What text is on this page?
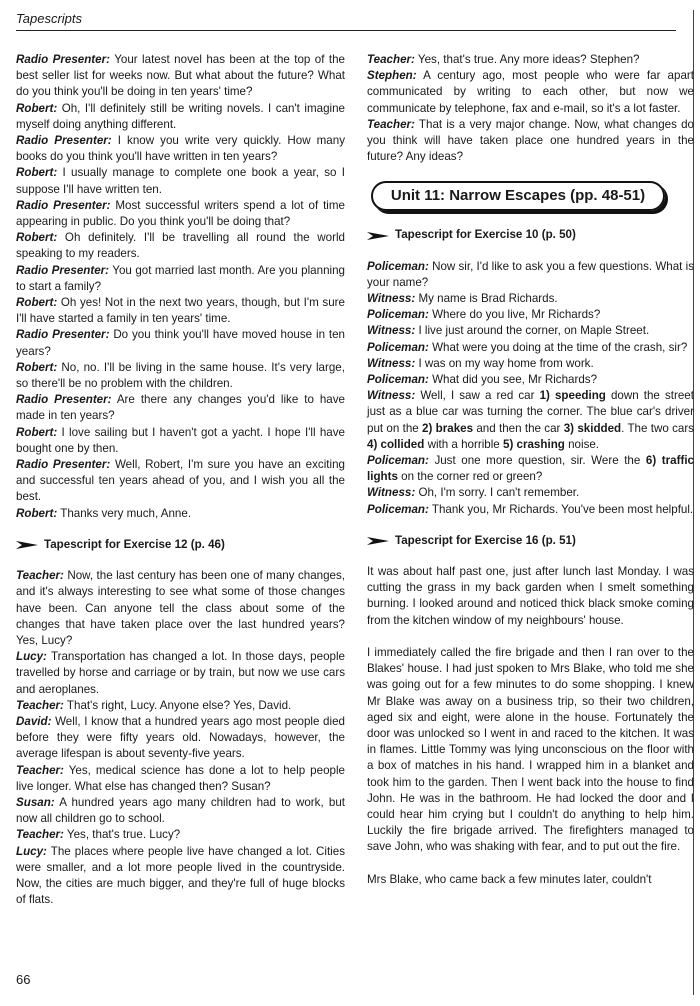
Tapescripts

Radio Presenter: Your latest novel has been at the top of the best seller list for weeks now. But what about the future? What do you think you'll be doing in ten years' time?

Robert: Oh, I'll definitely still be writing novels. I can't imagine myself doing anything different.

Radio Presenter: I know you write very quickly. How many books do you think you'll have written in ten years?

Robert: I usually manage to complete one book a year, so I suppose I'll have written ten.

Radio Presenter: Most successful writers spend a lot of time appearing in public. Do you think you'll be doing that?

Robert: Oh definitely. I'll be travelling all round the world speaking to my readers.

Radio Presenter: You got married last month. Are you planning to start a family?

Robert: Oh yes! Not in the next two years, though, but I'm sure I'll have started a family in ten years' time.

Radio Presenter: Do you think you'll have moved house in ten years?

Robert: No, no. I'll be living in the same house. It's very large, so there'll be no problem with the children.

Radio Presenter: Are there any changes you'd like to have made in ten years?

Robert: I love sailing but I haven't got a yacht. I hope I'll have bought one by then.

Radio Presenter: Well, Robert, I'm sure you have an exciting and successful ten years ahead of you, and I wish you all the best.

Robert: Thanks very much, Anne.

Tapescript for Exercise 12 (p. 46)

Teacher: Now, the last century has been one of many changes, and it's always interesting to see what some of those changes have been. Can anyone tell the class about some of the changes that have taken place over the last hundred years? Yes, Lucy?

Lucy: Transportation has changed a lot. In those days, people travelled by horse and carriage or by train, but now we use cars and aeroplanes.

Teacher: That's right, Lucy. Anyone else? Yes, David.

David: Well, I know that a hundred years ago most people died before they were fifty years old. Nowadays, however, the average lifespan is about seventy-five years.

Teacher: Yes, medical science has done a lot to help people live longer. What else has changed then? Susan?

Susan: A hundred years ago many children had to work, but now all children go to school.

Teacher: Yes, that's true. Lucy?

Lucy: The places where people live have changed a lot. Cities were smaller, and a lot more people lived in the countryside. Now, the cities are much bigger, and they're full of huge blocks of flats.

Teacher: Yes, that's true. Any more ideas? Stephen?

Stephen: A century ago, most people who were far apart communicated by writing to each other, but now we communicate by telephone, fax and e-mail, so it's a lot faster.

Teacher: That is a very major change. Now, what changes do you think will have taken place one hundred years in the future? Any ideas?

Unit 11: Narrow Escapes (pp. 48-51)
Tapescript for Exercise 10 (p. 50)

Policeman: Now sir, I'd like to ask you a few questions. What is your name?

Witness: My name is Brad Richards.

Policeman: Where do you live, Mr Richards?

Witness: I live just around the corner, on Maple Street.

Policeman: What were you doing at the time of the crash, sir?

Witness: I was on my way home from work.

Policeman: What did you see, Mr Richards?

Witness: Well, I saw a red car 1) speeding down the street just as a blue car was turning the corner. The blue car's driver put on the 2) brakes and then the car 3) skidded. The two cars 4) collided with a horrible 5) crashing noise.

Policeman: Just one more question, sir. Were the 6) traffic lights on the corner red or green?

Witness: Oh, I'm sorry. I can't remember.

Policeman: Thank you, Mr Richards. You've been most helpful.

Tapescript for Exercise 16 (p. 51)

It was about half past one, just after lunch last Monday. I was cutting the grass in my back garden when I smelt something burning. I looked around and noticed thick black smoke coming from the kitchen window of my neighbours' house.

I immediately called the fire brigade and then I ran over to the Blakes' house. I had just spoken to Mrs Blake, who told me she was going out for a few minutes to do some shopping. I knew Mr Blake was away on a business trip, so their two children, aged six and eight, were alone in the house. Fortunately the door was unlocked so I went in and raced to the kitchen. It was in flames. Little Tommy was lying unconscious on the floor with a box of matches in his hand. I wrapped him in a blanket and took him to the garden. Then I went back into the house to find John. He was in the bathroom. He had locked the door and I could hear him crying but I couldn't do anything to help him. Luckily the fire brigade arrived. The firefighters managed to save John, who was shaking with fear, and to put out the fire.

Mrs Blake, who came back a few minutes later, couldn't

66
